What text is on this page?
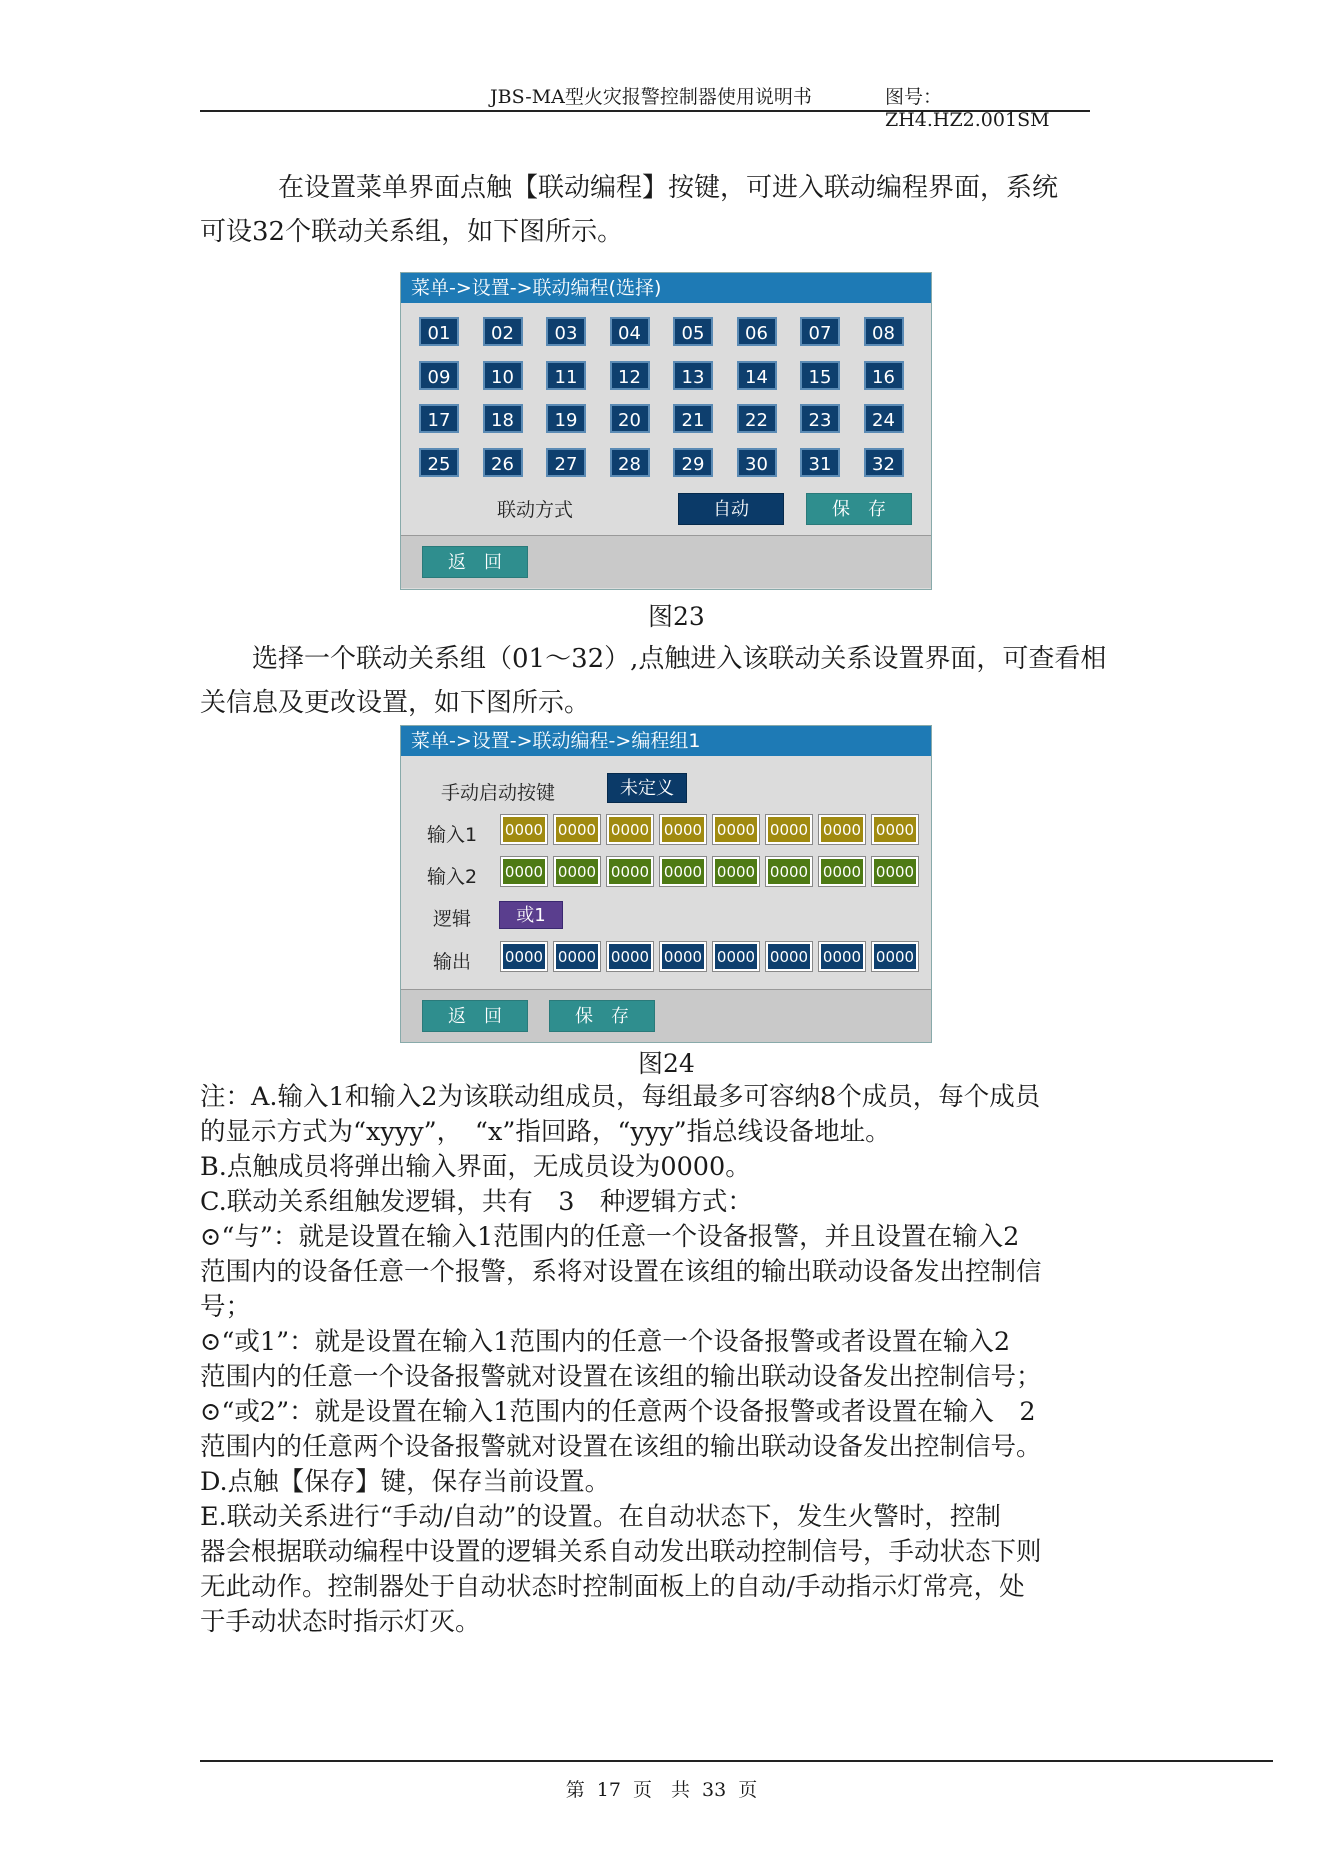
JBS-MA型火灾报警控制器使用说明书	图号：ZH4.HZ2.001SM
在设置菜单界面点触【联动编程】按键，可进入联动编程界面，系统
可设32个联动关系组，如下图所示。
菜单->设置->联动编程(选择)
01	02	03	04	05	06	07	08
09	10	11	12	13	14	15	16
17	18	19	20	21	22	23	24
25	26	27	28	29	30	31	32
联动方式	自动	保　存
返　回
图23
选择一个联动关系组（01～32）,点触进入该联动关系设置界面，可查看相
关信息及更改设置，如下图所示。
菜单->设置->联动编程->编程组1
手动启动按键	未定义
输入1 0000 0000 0000 0000 0000 0000 0000 0000
输入2 0000 0000 0000 0000 0000 0000 0000 0000
逻辑	或1
输出 0000 0000 0000 0000 0000 0000 0000 0000
返　回	保　存
图24
注：A.输入1和输入2为该联动组成员，每组最多可容纳8个成员，每个成员
的显示方式为“xyyy”，　“x”指回路，“yyy”指总线设备地址。
B.点触成员将弹出输入界面，无成员设为0000。
C.联动关系组触发逻辑，共有　3　种逻辑方式：
⊙“与”：就是设置在输入1范围内的任意一个设备报警，并且设置在输入2
范围内的设备任意一个报警，系将对设置在该组的输出联动设备发出控制信
号；
⊙“或1”：就是设置在输入1范围内的任意一个设备报警或者设置在输入2
范围内的任意一个设备报警就对设置在该组的输出联动设备发出控制信号；
⊙“或2”：就是设置在输入1范围内的任意两个设备报警或者设置在输入　2
范围内的任意两个设备报警就对设置在该组的输出联动设备发出控制信号。
D.点触【保存】键，保存当前设置。
E.联动关系进行“手动/自动”的设置。在自动状态下，发生火警时，控制
器会根据联动编程中设置的逻辑关系自动发出联动控制信号，手动状态下则
无此动作。控制器处于自动状态时控制面板上的自动/手动指示灯常亮，处
于手动状态时指示灯灭。
第 17 页　共 33 页
